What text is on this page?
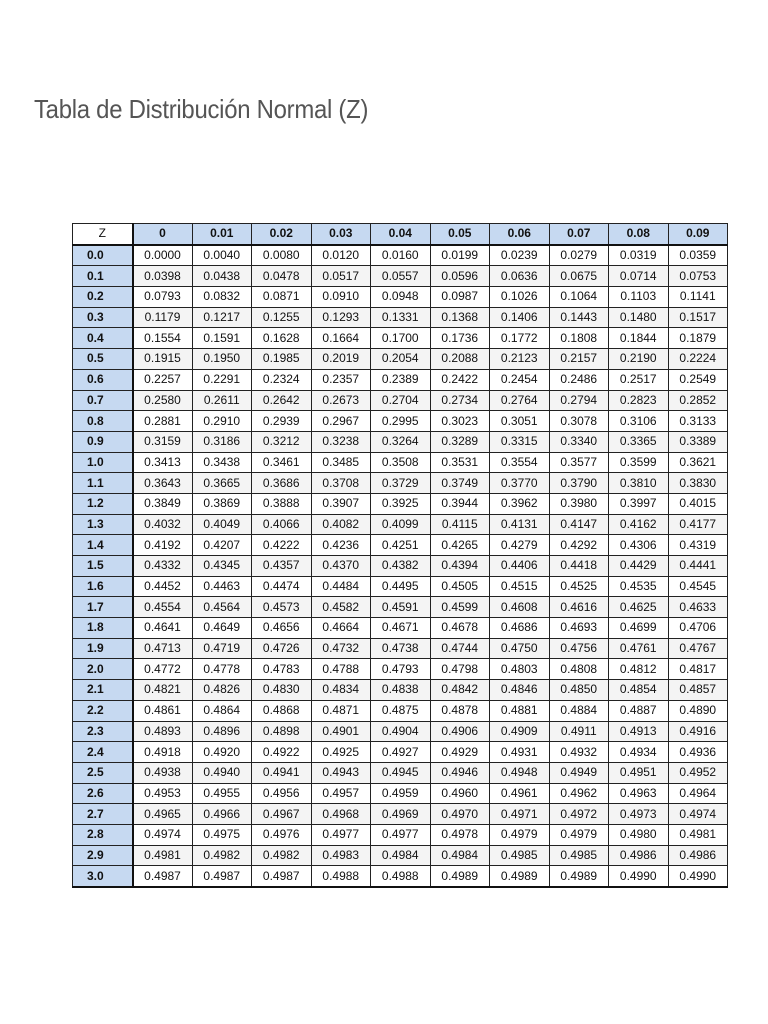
Tabla de Distribución Normal (Z)
Z	0	0.01	0.02	0.03	0.04	0.05	0.06	0.07	0.08	0.09
0.0	0.0000	0.0040	0.0080	0.0120	0.0160	0.0199	0.0239	0.0279	0.0319	0.0359
0.1	0.0398	0.0438	0.0478	0.0517	0.0557	0.0596	0.0636	0.0675	0.0714	0.0753
0.2	0.0793	0.0832	0.0871	0.0910	0.0948	0.0987	0.1026	0.1064	0.1103	0.1141
0.3	0.1179	0.1217	0.1255	0.1293	0.1331	0.1368	0.1406	0.1443	0.1480	0.1517
0.4	0.1554	0.1591	0.1628	0.1664	0.1700	0.1736	0.1772	0.1808	0.1844	0.1879
0.5	0.1915	0.1950	0.1985	0.2019	0.2054	0.2088	0.2123	0.2157	0.2190	0.2224
0.6	0.2257	0.2291	0.2324	0.2357	0.2389	0.2422	0.2454	0.2486	0.2517	0.2549
0.7	0.2580	0.2611	0.2642	0.2673	0.2704	0.2734	0.2764	0.2794	0.2823	0.2852
0.8	0.2881	0.2910	0.2939	0.2967	0.2995	0.3023	0.3051	0.3078	0.3106	0.3133
0.9	0.3159	0.3186	0.3212	0.3238	0.3264	0.3289	0.3315	0.3340	0.3365	0.3389
1.0	0.3413	0.3438	0.3461	0.3485	0.3508	0.3531	0.3554	0.3577	0.3599	0.3621
1.1	0.3643	0.3665	0.3686	0.3708	0.3729	0.3749	0.3770	0.3790	0.3810	0.3830
1.2	0.3849	0.3869	0.3888	0.3907	0.3925	0.3944	0.3962	0.3980	0.3997	0.4015
1.3	0.4032	0.4049	0.4066	0.4082	0.4099	0.4115	0.4131	0.4147	0.4162	0.4177
1.4	0.4192	0.4207	0.4222	0.4236	0.4251	0.4265	0.4279	0.4292	0.4306	0.4319
1.5	0.4332	0.4345	0.4357	0.4370	0.4382	0.4394	0.4406	0.4418	0.4429	0.4441
1.6	0.4452	0.4463	0.4474	0.4484	0.4495	0.4505	0.4515	0.4525	0.4535	0.4545
1.7	0.4554	0.4564	0.4573	0.4582	0.4591	0.4599	0.4608	0.4616	0.4625	0.4633
1.8	0.4641	0.4649	0.4656	0.4664	0.4671	0.4678	0.4686	0.4693	0.4699	0.4706
1.9	0.4713	0.4719	0.4726	0.4732	0.4738	0.4744	0.4750	0.4756	0.4761	0.4767
2.0	0.4772	0.4778	0.4783	0.4788	0.4793	0.4798	0.4803	0.4808	0.4812	0.4817
2.1	0.4821	0.4826	0.4830	0.4834	0.4838	0.4842	0.4846	0.4850	0.4854	0.4857
2.2	0.4861	0.4864	0.4868	0.4871	0.4875	0.4878	0.4881	0.4884	0.4887	0.4890
2.3	0.4893	0.4896	0.4898	0.4901	0.4904	0.4906	0.4909	0.4911	0.4913	0.4916
2.4	0.4918	0.4920	0.4922	0.4925	0.4927	0.4929	0.4931	0.4932	0.4934	0.4936
2.5	0.4938	0.4940	0.4941	0.4943	0.4945	0.4946	0.4948	0.4949	0.4951	0.4952
2.6	0.4953	0.4955	0.4956	0.4957	0.4959	0.4960	0.4961	0.4962	0.4963	0.4964
2.7	0.4965	0.4966	0.4967	0.4968	0.4969	0.4970	0.4971	0.4972	0.4973	0.4974
2.8	0.4974	0.4975	0.4976	0.4977	0.4977	0.4978	0.4979	0.4979	0.4980	0.4981
2.9	0.4981	0.4982	0.4982	0.4983	0.4984	0.4984	0.4985	0.4985	0.4986	0.4986
3.0	0.4987	0.4987	0.4987	0.4988	0.4988	0.4989	0.4989	0.4989	0.4990	0.4990
